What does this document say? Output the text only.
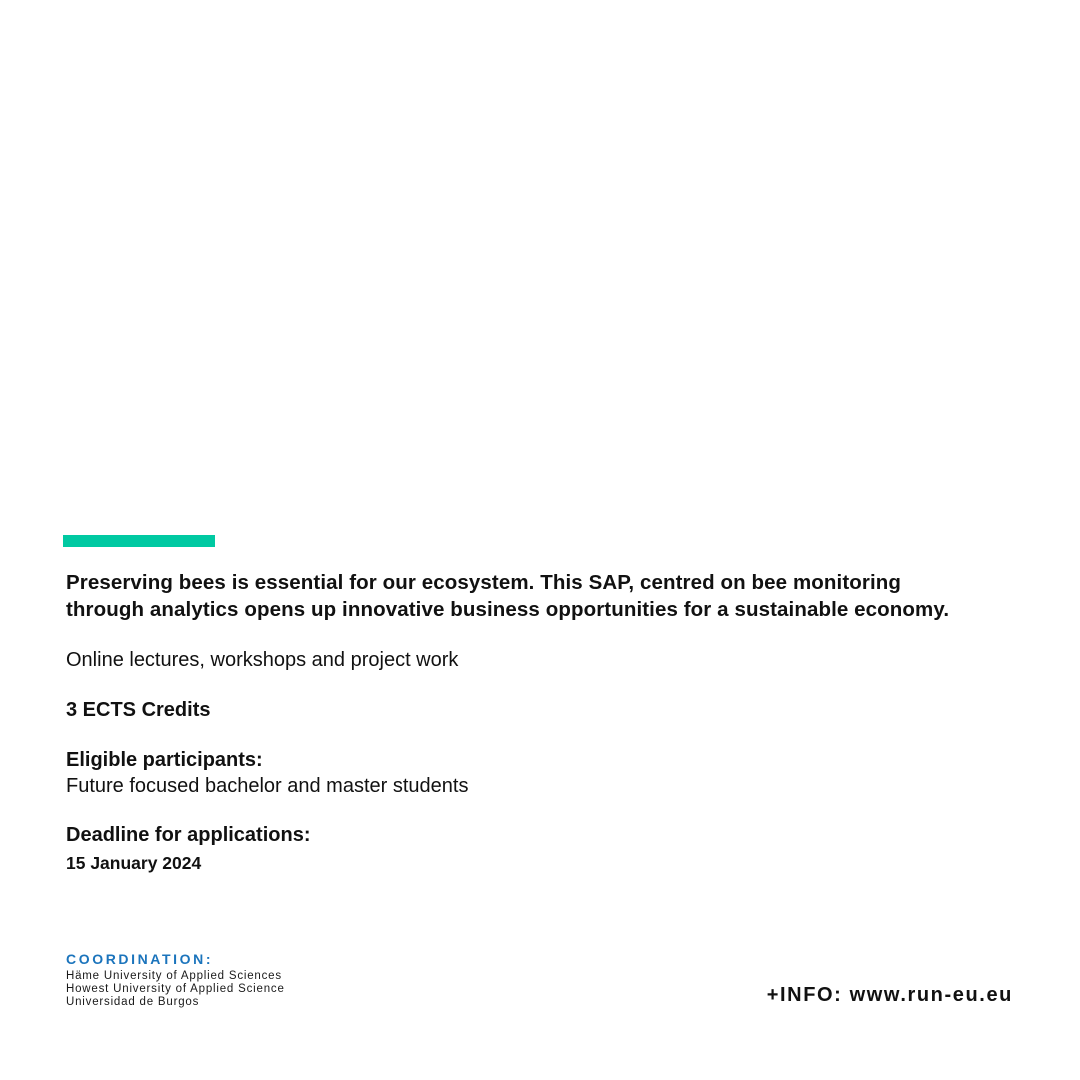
Preserving bees is essential for our ecosystem. This SAP, centred on bee monitoring
through analytics opens up innovative business opportunities for a sustainable economy.

Online lectures, workshops and project work

3 ECTS Credits

Eligible participants:

Future focused bachelor and master students

Deadline for applications:

15 January 2024

COORDINATION:
Häme University of Applied Sciences
Howest University of Applied Science
Universidad de Burgos	+INFO: www.run-eu.eu
